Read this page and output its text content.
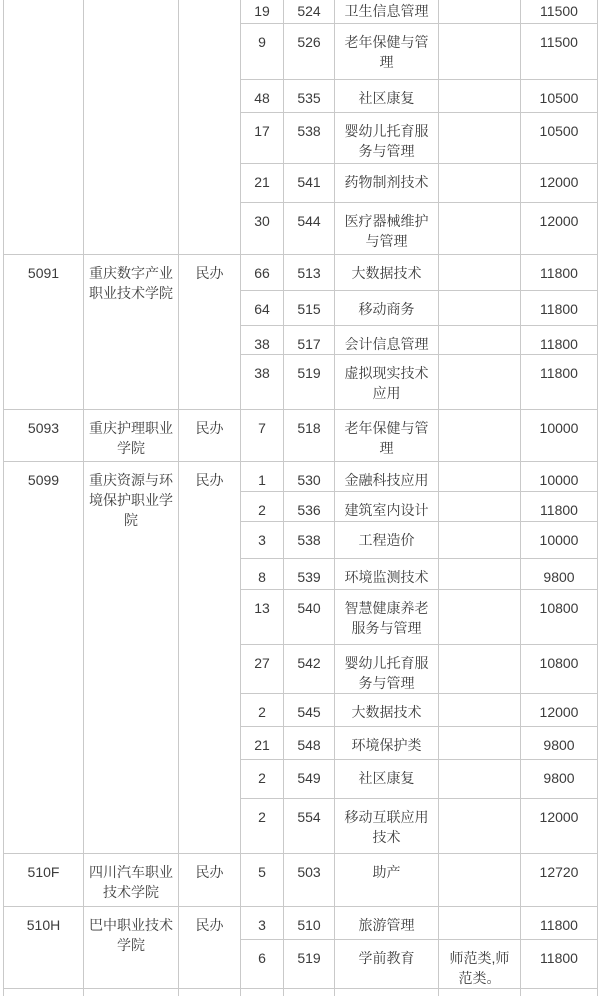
			19	524	卫生信息管理		11500
			9	526	老年保健与管理		11500
			48	535	社区康复		10500
			17	538	婴幼儿托育服务与管理		10500
			21	541	药物制剂技术		12000
			30	544	医疗器械维护与管理		12000
5091	重庆数字产业职业技术学院	民办	66	513	大数据技术		11800
			64	515	移动商务		11800
			38	517	会计信息管理		11800
			38	519	虚拟现实技术应用		11800
5093	重庆护理职业学院	民办	7	518	老年保健与管理		10000
5099	重庆资源与环境保护职业学院	民办	1	530	金融科技应用		10000
			2	536	建筑室内设计		11800
			3	538	工程造价		10000
			8	539	环境监测技术		9800
			13	540	智慧健康养老服务与管理		10800
			27	542	婴幼儿托育服务与管理		10800
			2	545	大数据技术		12000
			21	548	环境保护类		9800
			2	549	社区康复		9800
			2	554	移动互联应用技术		12000
510F	四川汽车职业技术学院	民办	5	503	助产		12720
510H	巴中职业技术学院	民办	3	510	旅游管理		11800
			6	519	学前教育	师范类,师范类。	11800
